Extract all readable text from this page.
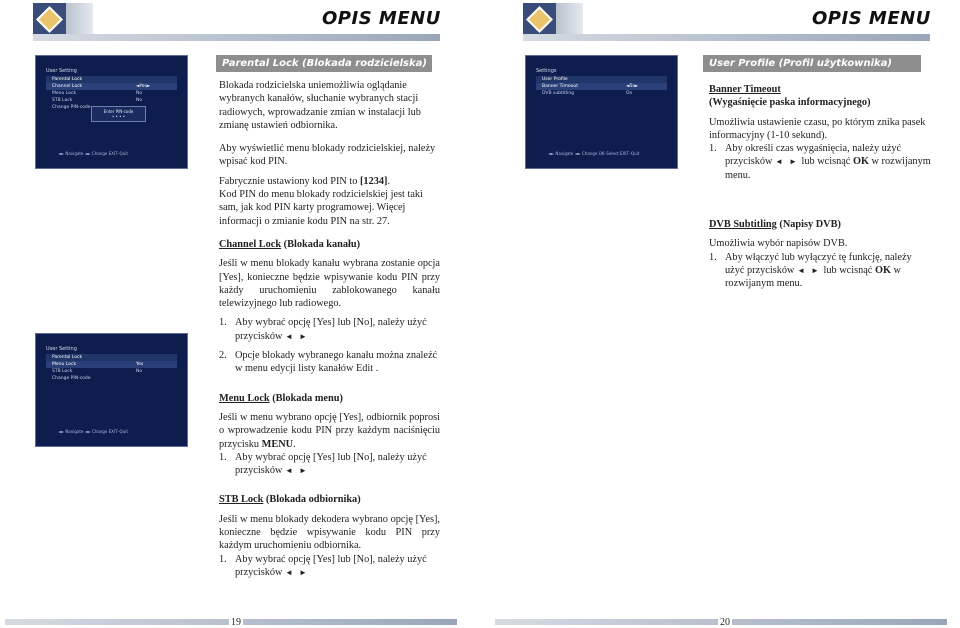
OPIS MENU
User Setting
Parental Lock
Channel Lock	◄Yes►
Menu Lock	No
STB Lock	No
Change PIN-code
Enter PIN-code
• • • •
◄► Navigate ◄► Change EXIT–Quit
User Setting
Parental Lock
Menu Lock	Yes
STB Lock	No
Change PIN-code
◄► Navigate ◄► Change EXIT–Quit
Parental Lock (Blokada rodzicielska)

Blokada rodzicielska uniemożliwia oglądanie wybranych kanałów, słuchanie wybranych stacji radiowych, wprowadzanie zmian w instalacji lub zmianę ustawień odbiornika.

Aby wyświetlić menu blokady rodzicielskiej, należy wpisać kod PIN.

Fabrycznie ustawiony kod PIN to [1234].

Kod PIN do menu blokady rodzicielskiej jest taki sam, jak kod PIN karty programowej. Więcej informacji o zmianie kodu PIN na str. 27.

Channel Lock (Blokada kanału)

Jeśli w menu blokady kanału wybrana zostanie opcja [Yes], konieczne będzie wpisywanie kodu PIN przy każdy uruchomieniu zablokowanego kanału telewizyjnego lub radiowego.

1. Aby wybrać opcję [Yes] lub [No], należy użyć przycisków ◄ ►
2. Opcje blokady wybranego kanału można znaleźć w menu edycji listy kanałów Edit .

Menu Lock (Blokada menu)

Jeśli w menu wybrano opcję [Yes], odbiornik poprosi o wprowadzenie kodu PIN przy każdym naciśnięciu przycisku MENU.

1. Aby wybrać opcję [Yes] lub [No], należy użyć przycisków ◄ ►

STB Lock (Blokada odbiornika)

Jeśli w menu blokady dekodera wybrano opcję [Yes], konieczne będzie wpisywanie kodu PIN przy każdym uruchomieniu odbiornika.

1. Aby wybrać opcję [Yes] lub [No], należy użyć przycisków ◄ ►
19
OPIS MENU
Settings
User Profile
Banner Timeout	◄5s►
DVB subtitling	On
◄► Navigate ◄► Change OK–Select EXIT–Quit
User Profile (Profil użytkownika)

Banner Timeout

(Wygaśnięcie paska informacyjnego)

Umożliwia ustawienie czasu, po którym znika pasek informacyjny (1-10 sekund).

1. Aby określi czas wygaśnięcia, należy użyć przycisków ◄ ► lub wcisnąć OK w rozwijanym menu.

DVB Subtitling (Napisy DVB)

Umożliwia wybór napisów DVB.

1. Aby włączyć lub wyłączyć tę funkcję, należy użyć przycisków ◄ ► lub wcisnąć OK w rozwijanym menu.
20
